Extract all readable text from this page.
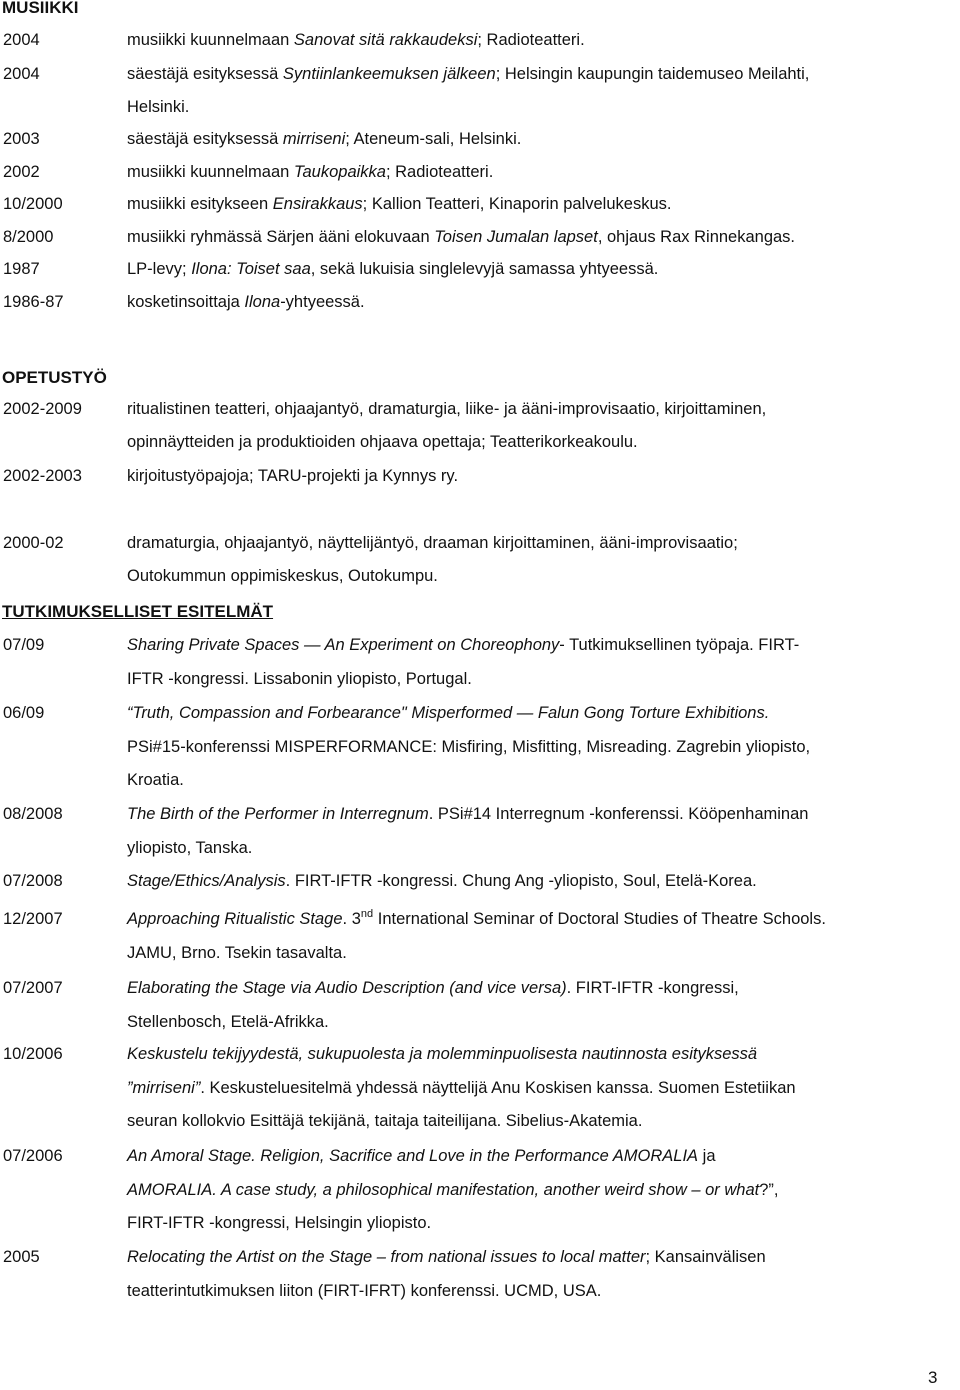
MUSIIKKI
2004	musiikki kuunnelmaan Sanovat sitä rakkaudeksi; Radioteatteri.
2004	säestäjä esityksessä Syntiinlankeemuksen jälkeen; Helsingin kaupungin taidemuseo Meilahti,
Helsinki.
2003	säestäjä esityksessä mirriseni; Ateneum-sali, Helsinki.
2002	musiikki kuunnelmaan Taukopaikka; Radioteatteri.
10/2000	musiikki esitykseen Ensirakkaus; Kallion Teatteri, Kinaporin palvelukeskus.
8/2000	musiikki ryhmässä Särjen ääni elokuvaan Toisen Jumalan lapset, ohjaus Rax Rinnekangas.
1987	LP-levy; Ilona: Toiset saa, sekä lukuisia singlelevyjä samassa yhtyeessä.
1986-87	kosketinsoittaja Ilona-yhtyeessä.
OPETUSTYÖ
2002-2009	ritualistinen teatteri, ohjaajantyö, dramaturgia, liike- ja ääni-improvisaatio, kirjoittaminen,
opinnäytteiden ja produktioiden ohjaava opettaja; Teatterikorkeakoulu.
2002-2003	kirjoitustyöpajoja; TARU-projekti ja Kynnys ry.
2000-02	dramaturgia, ohjaajantyö, näyttelijäntyö, draaman kirjoittaminen, ääni-improvisaatio;
Outokummun oppimiskeskus, Outokumpu.
TUTKIMUKSELLISET ESITELMÄT
07/09	Sharing Private Spaces — An Experiment on Choreophony- Tutkimuksellinen työpaja. FIRT-
IFTR -kongressi. Lissabonin yliopisto, Portugal.
06/09	“Truth, Compassion and Forbearance" Misperformed — Falun Gong Torture Exhibitions.
PSi#15-konferenssi MISPERFORMANCE: Misfiring, Misfitting, Misreading. Zagrebin yliopisto,
Kroatia.
08/2008	The Birth of the Performer in Interregnum. PSi#14 Interregnum -konferenssi. Kööpenhaminan
yliopisto, Tanska.
07/2008	Stage/Ethics/Analysis. FIRT-IFTR -kongressi. Chung Ang -yliopisto, Soul, Etelä-Korea.
12/2007	Approaching Ritualistic Stage. 3nd International Seminar of Doctoral Studies of Theatre Schools.
JAMU, Brno. Tsekin tasavalta.
07/2007	Elaborating the Stage via Audio Description (and vice versa). FIRT-IFTR -kongressi,
Stellenbosch, Etelä-Afrikka.
10/2006	Keskustelu tekijyydestä, sukupuolesta ja molemminpuolisesta nautinnosta esityksessä
”mirriseni”. Keskusteluesitelmä yhdessä näyttelijä Anu Koskisen kanssa. Suomen Estetiikan
seuran kollokvio Esittäjä tekijänä, taitaja taiteilijana. Sibelius-Akatemia.
07/2006	An Amoral Stage. Religion, Sacrifice and Love in the Performance AMORALIA ja
AMORALIA. A case study, a philosophical manifestation, another weird show – or what?”,
FIRT-IFTR -kongressi, Helsingin yliopisto.
2005	Relocating the Artist on the Stage – from national issues to local matter; Kansainvälisen
teatterintutkimuksen liiton (FIRT-IFRT) konferenssi. UCMD, USA.
3
